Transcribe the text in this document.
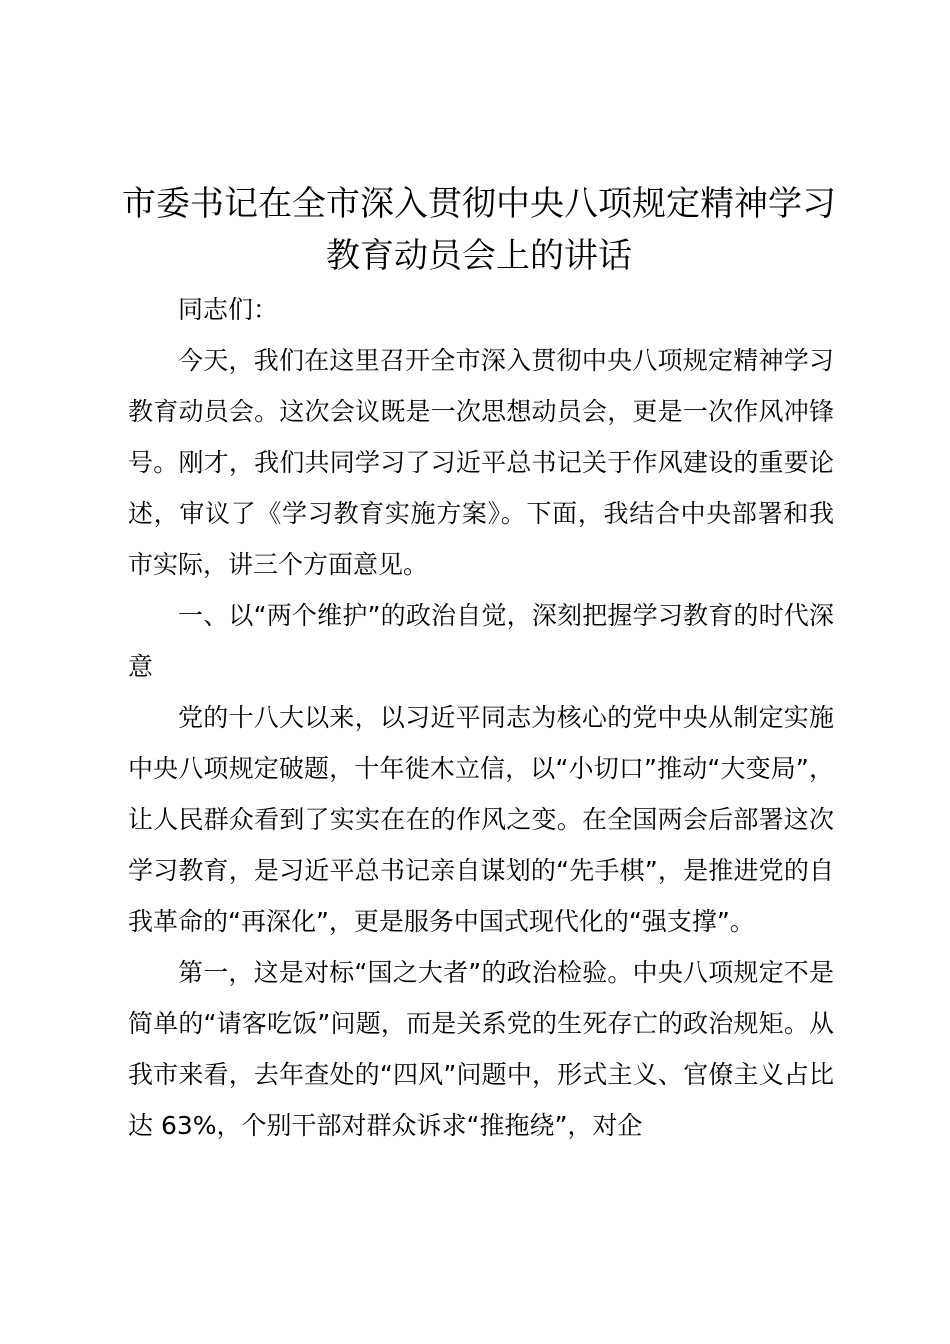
市委书记在全市深入贯彻中央八项规定精神学习教育动员会上的讲话

同志们：

今天，我们在这里召开全市深入贯彻中央八项规定精神学习教育动员会。这次会议既是一次思想动员会，更是一次作风冲锋号。刚才，我们共同学习了习近平总书记关于作风建设的重要论述，审议了《学习教育实施方案》。下面，我结合中央部署和我市实际，讲三个方面意见。

一、以“两个维护”的政治自觉，深刻把握学习教育的时代深意

党的十八大以来，以习近平同志为核心的党中央从制定实施中央八项规定破题，十年徙木立信，以“小切口”推动“大变局”，让人民群众看到了实实在在的作风之变。在全国两会后部署这次学习教育，是习近平总书记亲自谋划的“先手棋”，是推进党的自我革命的“再深化”，更是服务中国式现代化的“强支撑”。

第一，这是对标“国之大者”的政治检验。中央八项规定不是简单的“请客吃饭”问题，而是关系党的生死存亡的政治规矩。从我市来看，去年查处的“四风”问题中，形式主义、官僚主义占比达 63%，个别干部对群众诉求“推拖绕”，对企
